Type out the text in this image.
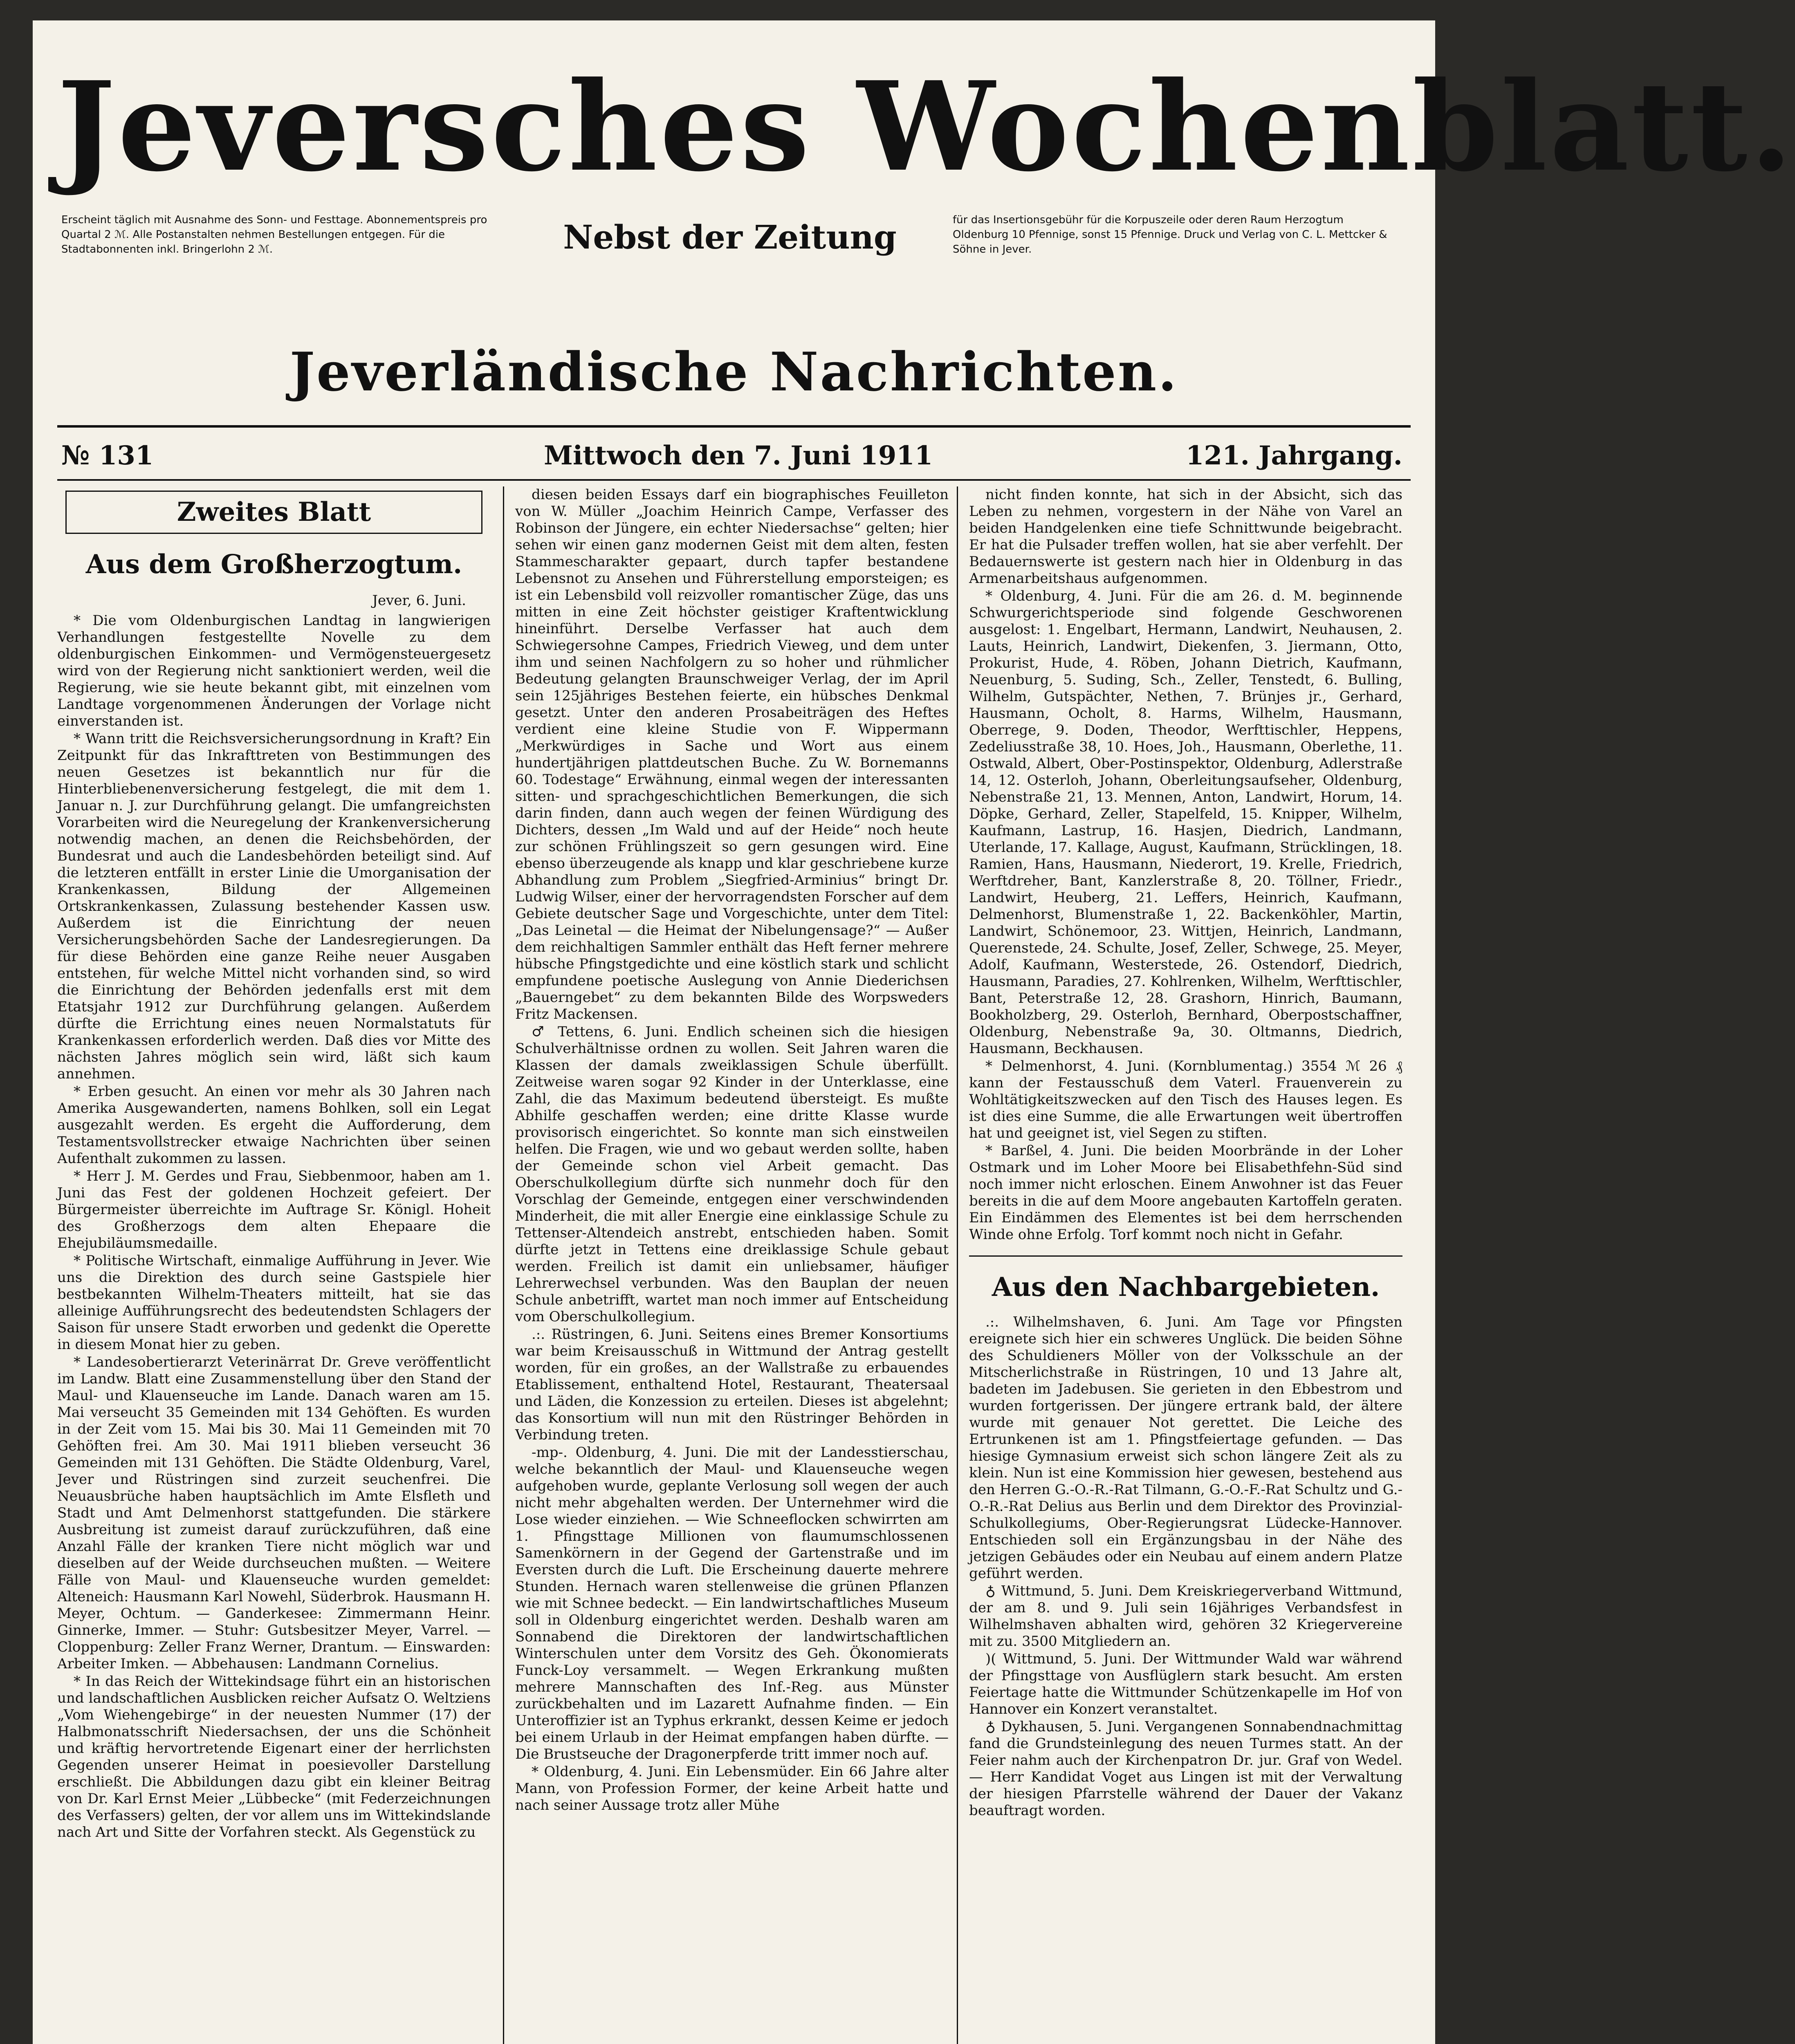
Jeversches Wochenblatt.
Erscheint täglich mit Ausnahme des Sonn- und Festtage. Abonnementspreis pro Quartal 2 ℳ. Alle Postanstalten nehmen Bestellungen entgegen. Für die Stadtabonnenten inkl. Bringerlohn 2 ℳ.	Nebst der Zeitung	für das Insertionsgebühr für die Korpuszeile oder deren Raum Herzogtum Oldenburg 10 Pfennige, sonst 15 Pfennige. Druck und Verlag von C. L. Mettcker & Söhne in Jever.
Jeverländische Nachrichten.
№ 131	Mittwoch den 7. Juni 1911	121. Jahrgang.
Zweites Blatt
Aus dem Großherzogtum.
Jever, 6. Juni.

* Die vom Oldenburgischen Landtag in langwierigen Verhandlungen festgestellte Novelle zu dem oldenburgischen Einkommen- und Vermögensteuergesetz wird von der Regierung nicht sanktioniert werden, weil die Regierung, wie sie heute bekannt gibt, mit einzelnen vom Landtage vorgenommenen Änderungen der Vorlage nicht einverstanden ist.

* Wann tritt die Reichsversicherungsordnung in Kraft? Ein Zeitpunkt für das Inkrafttreten von Bestimmungen des neuen Gesetzes ist bekanntlich nur für die Hinterbliebenenversicherung festgelegt, die mit dem 1. Januar n. J. zur Durchführung gelangt. Die umfangreichsten Vorarbeiten wird die Neuregelung der Krankenversicherung notwendig machen, an denen die Reichsbehörden, der Bundesrat und auch die Landesbehörden beteiligt sind. Auf die letzteren entfällt in erster Linie die Umorganisation der Krankenkassen, Bildung der Allgemeinen Ortskrankenkassen, Zulassung bestehender Kassen usw. Außerdem ist die Einrichtung der neuen Versicherungsbehörden Sache der Landesregierungen. Da für diese Behörden eine ganze Reihe neuer Ausgaben entstehen, für welche Mittel nicht vorhanden sind, so wird die Einrichtung der Behörden jedenfalls erst mit dem Etatsjahr 1912 zur Durchführung gelangen. Außerdem dürfte die Errichtung eines neuen Normalstatuts für Krankenkassen erforderlich werden. Daß dies vor Mitte des nächsten Jahres möglich sein wird, läßt sich kaum annehmen.

* Erben gesucht. An einen vor mehr als 30 Jahren nach Amerika Ausgewanderten, namens Bohlken, soll ein Legat ausgezahlt werden. Es ergeht die Aufforderung, dem Testamentsvollstrecker etwaige Nachrichten über seinen Aufenthalt zukommen zu lassen.

* Herr J. M. Gerdes und Frau, Siebbenmoor, haben am 1. Juni das Fest der goldenen Hochzeit gefeiert. Der Bürgermeister überreichte im Auftrage Sr. Königl. Hoheit des Großherzogs dem alten Ehepaare die Ehejubiläumsmedaille.

* Politische Wirtschaft, einmalige Aufführung in Jever. Wie uns die Direktion des durch seine Gastspiele hier bestbekannten Wilhelm-Theaters mitteilt, hat sie das alleinige Aufführungsrecht des bedeutendsten Schlagers der Saison für unsere Stadt erworben und gedenkt die Operette in diesem Monat hier zu geben.

* Landesobertierarzt Veterinärrat Dr. Greve veröffentlicht im Landw. Blatt eine Zusammenstellung über den Stand der Maul- und Klauenseuche im Lande. Danach waren am 15. Mai verseucht 35 Gemeinden mit 134 Gehöften. Es wurden in der Zeit vom 15. Mai bis 30. Mai 11 Gemeinden mit 70 Gehöften frei. Am 30. Mai 1911 blieben verseucht 36 Gemeinden mit 131 Gehöften. Die Städte Oldenburg, Varel, Jever und Rüstringen sind zurzeit seuchenfrei. Die Neuausbrüche haben hauptsächlich im Amte Elsfleth und Stadt und Amt Delmenhorst stattgefunden. Die stärkere Ausbreitung ist zumeist darauf zurückzuführen, daß eine Anzahl Fälle der kranken Tiere nicht möglich war und dieselben auf der Weide durchseuchen mußten. — Weitere Fälle von Maul- und Klauenseuche wurden gemeldet: Alteneich: Hausmann Karl Nowehl, Süderbrok. Hausmann H. Meyer, Ochtum. — Ganderkesee: Zimmermann Heinr. Ginnerke, Immer. — Stuhr: Gutsbesitzer Meyer, Varrel. — Cloppenburg: Zeller Franz Werner, Drantum. — Einswarden: Arbeiter Imken. — Abbehausen: Landmann Cornelius.

* In das Reich der Wittekindsage führt ein an historischen und landschaftlichen Ausblicken reicher Aufsatz O. Weltziens „Vom Wiehengebirge“ in der neuesten Nummer (17) der Halbmonatsschrift Niedersachsen, der uns die Schönheit und kräftig hervortretende Eigenart einer der herrlichsten Gegenden unserer Heimat in poesievoller Darstellung erschließt. Die Abbildungen dazu gibt ein kleiner Beitrag von Dr. Karl Ernst Meier „Lübbecke“ (mit Federzeichnungen des Verfassers) gelten, der vor allem uns im Wittekindslande nach Art und Sitte der Vorfahren steckt. Als Gegenstück zu

diesen beiden Essays darf ein biographisches Feuilleton von W. Müller „Joachim Heinrich Campe, Verfasser des Robinson der Jüngere, ein echter Niedersachse“ gelten; hier sehen wir einen ganz modernen Geist mit dem alten, festen Stammescharakter gepaart, durch tapfer bestandene Lebensnot zu Ansehen und Führerstellung emporsteigen; es ist ein Lebensbild voll reizvoller romantischer Züge, das uns mitten in eine Zeit höchster geistiger Kraftentwicklung hineinführt. Derselbe Verfasser hat auch dem Schwiegersohne Campes, Friedrich Vieweg, und dem unter ihm und seinen Nachfolgern zu so hoher und rühmlicher Bedeutung gelangten Braunschweiger Verlag, der im April sein 125jähriges Bestehen feierte, ein hübsches Denkmal gesetzt. Unter den anderen Prosabeiträgen des Heftes verdient eine kleine Studie von F. Wippermann „Merkwürdiges in Sache und Wort aus einem hundertjährigen plattdeutschen Buche. Zu W. Bornemanns 60. Todestage“ Erwähnung, einmal wegen der interessanten sitten- und sprachgeschichtlichen Bemerkungen, die sich darin finden, dann auch wegen der feinen Würdigung des Dichters, dessen „Im Wald und auf der Heide“ noch heute zur schönen Frühlingszeit so gern gesungen wird. Eine ebenso überzeugende als knapp und klar geschriebene kurze Abhandlung zum Problem „Siegfried-Arminius“ bringt Dr. Ludwig Wilser, einer der hervorragendsten Forscher auf dem Gebiete deutscher Sage und Vorgeschichte, unter dem Titel: „Das Leinetal — die Heimat der Nibelungensage?“ — Außer dem reichhaltigen Sammler enthält das Heft ferner mehrere hübsche Pfingstgedichte und eine köstlich stark und schlicht empfundene poetische Auslegung von Annie Diederichsen „Bauerngebet“ zu dem bekannten Bilde des Worpsweders Fritz Mackensen.

♂ Tettens, 6. Juni. Endlich scheinen sich die hiesigen Schulverhältnisse ordnen zu wollen. Seit Jahren waren die Klassen der damals zweiklassigen Schule überfüllt. Zeitweise waren sogar 92 Kinder in der Unterklasse, eine Zahl, die das Maximum bedeutend übersteigt. Es mußte Abhilfe geschaffen werden; eine dritte Klasse wurde provisorisch eingerichtet. So konnte man sich einstweilen helfen. Die Fragen, wie und wo gebaut werden sollte, haben der Gemeinde schon viel Arbeit gemacht. Das Oberschulkollegium dürfte sich nunmehr doch für den Vorschlag der Gemeinde, entgegen einer verschwindenden Minderheit, die mit aller Energie eine einklassige Schule zu Tettenser-Altendeich anstrebt, entschieden haben. Somit dürfte jetzt in Tettens eine dreiklassige Schule gebaut werden. Freilich ist damit ein unliebsamer, häufiger Lehrerwechsel verbunden. Was den Bauplan der neuen Schule anbetrifft, wartet man noch immer auf Entscheidung vom Oberschulkollegium.

.:. Rüstringen, 6. Juni. Seitens eines Bremer Konsortiums war beim Kreisausschuß in Wittmund der Antrag gestellt worden, für ein großes, an der Wallstraße zu erbauendes Etablissement, enthaltend Hotel, Restaurant, Theatersaal und Läden, die Konzession zu erteilen. Dieses ist abgelehnt; das Konsortium will nun mit den Rüstringer Behörden in Verbindung treten.

-mp-. Oldenburg, 4. Juni. Die mit der Landesstierschau, welche bekanntlich der Maul- und Klauenseuche wegen aufgehoben wurde, geplante Verlosung soll wegen der auch nicht mehr abgehalten werden. Der Unternehmer wird die Lose wieder einziehen. — Wie Schneeflocken schwirrten am 1. Pfingsttage Millionen von flaumumschlossenen Samenkörnern in der Gegend der Gartenstraße und im Eversten durch die Luft. Die Erscheinung dauerte mehrere Stunden. Hernach waren stellenweise die grünen Pflanzen wie mit Schnee bedeckt. — Ein landwirtschaftliches Museum soll in Oldenburg eingerichtet werden. Deshalb waren am Sonnabend die Direktoren der landwirtschaftlichen Winterschulen unter dem Vorsitz des Geh. Ökonomierats Funck-Loy versammelt. — Wegen Erkrankung mußten mehrere Mannschaften des Inf.-Reg. aus Münster zurückbehalten und im Lazarett Aufnahme finden. — Ein Unteroffizier ist an Typhus erkrankt, dessen Keime er jedoch bei einem Urlaub in der Heimat empfangen haben dürfte. — Die Brustseuche der Dragonerpferde tritt immer noch auf.

* Oldenburg, 4. Juni. Ein Lebensmüder. Ein 66 Jahre alter Mann, von Profession Former, der keine Arbeit hatte und nach seiner Aussage trotz aller Mühe

nicht finden konnte, hat sich in der Absicht, sich das Leben zu nehmen, vorgestern in der Nähe von Varel an beiden Handgelenken eine tiefe Schnittwunde beigebracht. Er hat die Pulsader treffen wollen, hat sie aber verfehlt. Der Bedauernswerte ist gestern nach hier in Oldenburg in das Armenarbeitshaus aufgenommen.

* Oldenburg, 4. Juni. Für die am 26. d. M. beginnende Schwurgerichtsperiode sind folgende Geschworenen ausgelost: 1. Engelbart, Hermann, Landwirt, Neuhausen, 2. Lauts, Heinrich, Landwirt, Diekenfen, 3. Jiermann, Otto, Prokurist, Hude, 4. Röben, Johann Dietrich, Kaufmann, Neuenburg, 5. Suding, Sch., Zeller, Tenstedt, 6. Bulling, Wilhelm, Gutspächter, Nethen, 7. Brünjes jr., Gerhard, Hausmann, Ocholt, 8. Harms, Wilhelm, Hausmann, Oberrege, 9. Doden, Theodor, Werfttischler, Heppens, Zedeliusstraße 38, 10. Hoes, Joh., Hausmann, Oberlethe, 11. Ostwald, Albert, Ober-Postinspektor, Oldenburg, Adlerstraße 14, 12. Osterloh, Johann, Oberleitungsaufseher, Oldenburg, Nebenstraße 21, 13. Mennen, Anton, Landwirt, Horum, 14. Döpke, Gerhard, Zeller, Stapelfeld, 15. Knipper, Wilhelm, Kaufmann, Lastrup, 16. Hasjen, Diedrich, Landmann, Uterlande, 17. Kallage, August, Kaufmann, Strücklingen, 18. Ramien, Hans, Hausmann, Niederort, 19. Krelle, Friedrich, Werftdreher, Bant, Kanzlerstraße 8, 20. Töllner, Friedr., Landwirt, Heuberg, 21. Leffers, Heinrich, Kaufmann, Delmenhorst, Blumenstraße 1, 22. Backenköhler, Martin, Landwirt, Schönemoor, 23. Wittjen, Heinrich, Landmann, Querenstede, 24. Schulte, Josef, Zeller, Schwege, 25. Meyer, Adolf, Kaufmann, Westerstede, 26. Ostendorf, Diedrich, Hausmann, Paradies, 27. Kohlrenken, Wilhelm, Werfttischler, Bant, Peterstraße 12, 28. Grashorn, Hinrich, Baumann, Bookholzberg, 29. Osterloh, Bernhard, Oberpostschaffner, Oldenburg, Nebenstraße 9a, 30. Oltmanns, Diedrich, Hausmann, Beckhausen.

* Delmenhorst, 4. Juni. (Kornblumentag.) 3554 ℳ 26 ₰ kann der Festausschuß dem Vaterl. Frauenverein zu Wohltätigkeitszwecken auf den Tisch des Hauses legen. Es ist dies eine Summe, die alle Erwartungen weit übertroffen hat und geeignet ist, viel Segen zu stiften.

* Barßel, 4. Juni. Die beiden Moorbrände in der Loher Ostmark und im Loher Moore bei Elisabethfehn-Süd sind noch immer nicht erloschen. Einem Anwohner ist das Feuer bereits in die auf dem Moore angebauten Kartoffeln geraten. Ein Eindämmen des Elementes ist bei dem herrschenden Winde ohne Erfolg. Torf kommt noch nicht in Gefahr.

Aus den Nachbargebieten.

.:. Wilhelmshaven, 6. Juni. Am Tage vor Pfingsten ereignete sich hier ein schweres Unglück. Die beiden Söhne des Schuldieners Möller von der Volksschule an der Mitscherlichstraße in Rüstringen, 10 und 13 Jahre alt, badeten im Jadebusen. Sie gerieten in den Ebbestrom und wurden fortgerissen. Der jüngere ertrank bald, der ältere wurde mit genauer Not gerettet. Die Leiche des Ertrunkenen ist am 1. Pfingstfeiertage gefunden. — Das hiesige Gymnasium erweist sich schon längere Zeit als zu klein. Nun ist eine Kommission hier gewesen, bestehend aus den Herren G.-O.-R.-Rat Tilmann, G.-O.-F.-Rat Schultz und G.-O.-R.-Rat Delius aus Berlin und dem Direktor des Provinzial-Schulkollegiums, Ober-Regierungsrat Lüdecke-Hannover. Entschieden soll ein Ergänzungsbau in der Nähe des jetzigen Gebäudes oder ein Neubau auf einem andern Platze geführt werden.

♁ Wittmund, 5. Juni. Dem Kreiskriegerverband Wittmund, der am 8. und 9. Juli sein 16jähriges Verbandsfest in Wilhelmshaven abhalten wird, gehören 32 Kriegervereine mit zu. 3500 Mitgliedern an.

)( Wittmund, 5. Juni. Der Wittmunder Wald war während der Pfingsttage von Ausflüglern stark besucht. Am ersten Feiertage hatte die Wittmunder Schützenkapelle im Hof von Hannover ein Konzert veranstaltet.

♁ Dykhausen, 5. Juni. Vergangenen Sonnabendnachmittag fand die Grundsteinlegung des neuen Turmes statt. An der Feier nahm auch der Kirchenpatron Dr. jur. Graf von Wedel. — Herr Kandidat Voget aus Lingen ist mit der Verwaltung der hiesigen Pfarrstelle während der Dauer der Vakanz beauftragt worden.
